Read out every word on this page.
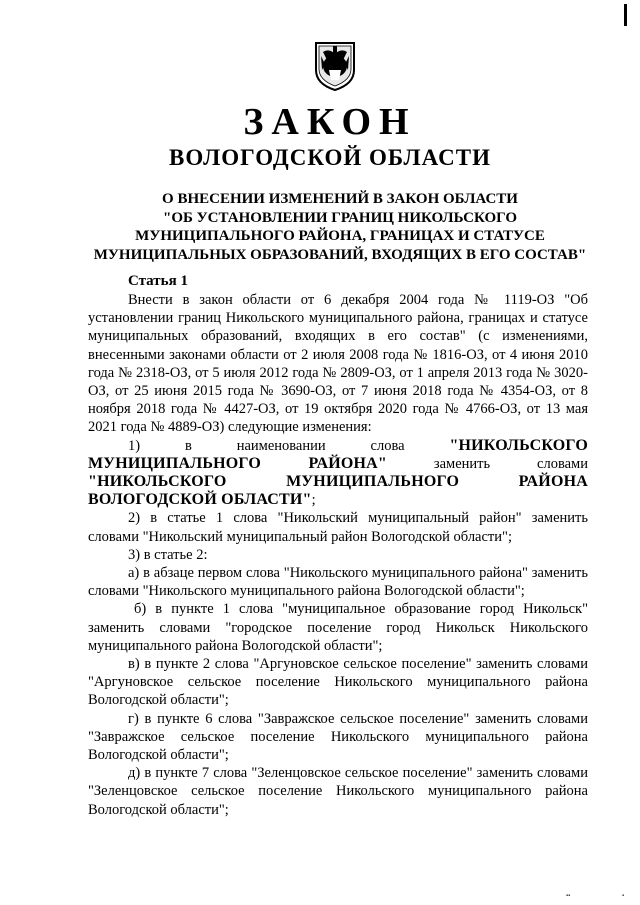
ЗАКОН
ВОЛОГОДСКОЙ ОБЛАСТИ
О ВНЕСЕНИИ ИЗМЕНЕНИЙ В ЗАКОН ОБЛАСТИ
"ОБ УСТАНОВЛЕНИИ ГРАНИЦ НИКОЛЬСКОГО
МУНИЦИПАЛЬНОГО РАЙОНА, ГРАНИЦАХ И СТАТУСЕ
МУНИЦИПАЛЬНЫХ ОБРАЗОВАНИЙ, ВХОДЯЩИХ В ЕГО СОСТАВ"
Статья 1

Внести в закон области от 6 декабря 2004 года № 1119-ОЗ "Об установлении границ Никольского муниципального района, границах и статусе муниципальных образований, входящих в его состав" (с изменениями, внесенными законами области от 2 июля 2008 года № 1816-ОЗ, от 4 июня 2010 года № 2318-ОЗ, от 5 июля 2012 года № 2809-ОЗ, от 1 апреля 2013 года № 3020-ОЗ, от 25 июня 2015 года № 3690-ОЗ, от 7 июня 2018 года № 4354-ОЗ, от 8 ноября 2018 года № 4427-ОЗ, от 19 октября 2020 года № 4766-ОЗ, от 13 мая 2021 года № 4889-ОЗ) следующие изменения:

1) в наименовании слова "НИКОЛЬСКОГО МУНИЦИПАЛЬНОГО РАЙОНА" заменить словами "НИКОЛЬСКОГО МУНИЦИПАЛЬНОГО РАЙОНА ВОЛОГОДСКОЙ ОБЛАСТИ";

2) в статье 1 слова "Никольский муниципальный район" заменить словами "Никольский муниципальный район Вологодской области";

3) в статье 2:

а) в абзаце первом слова "Никольского муниципального района" заменить словами "Никольского муниципального района Вологодской области";

б) в пункте 1 слова "муниципальное образование город Никольск" заменить словами "городское поселение город Никольск Никольского муниципального района Вологодской области";

в) в пункте 2 слова "Аргуновское сельское поселение" заменить словами "Аргуновское сельское поселение Никольского муниципального района Вологодской области";

г) в пункте 6 слова "Завражское сельское поселение" заменить словами "Завражское сельское поселение Никольского муниципального района Вологодской области";

д) в пункте 7 слова "Зеленцовское сельское поселение" заменить словами "Зеленцовское сельское поселение Никольского муниципального района Вологодской области";

▪▪	▪
